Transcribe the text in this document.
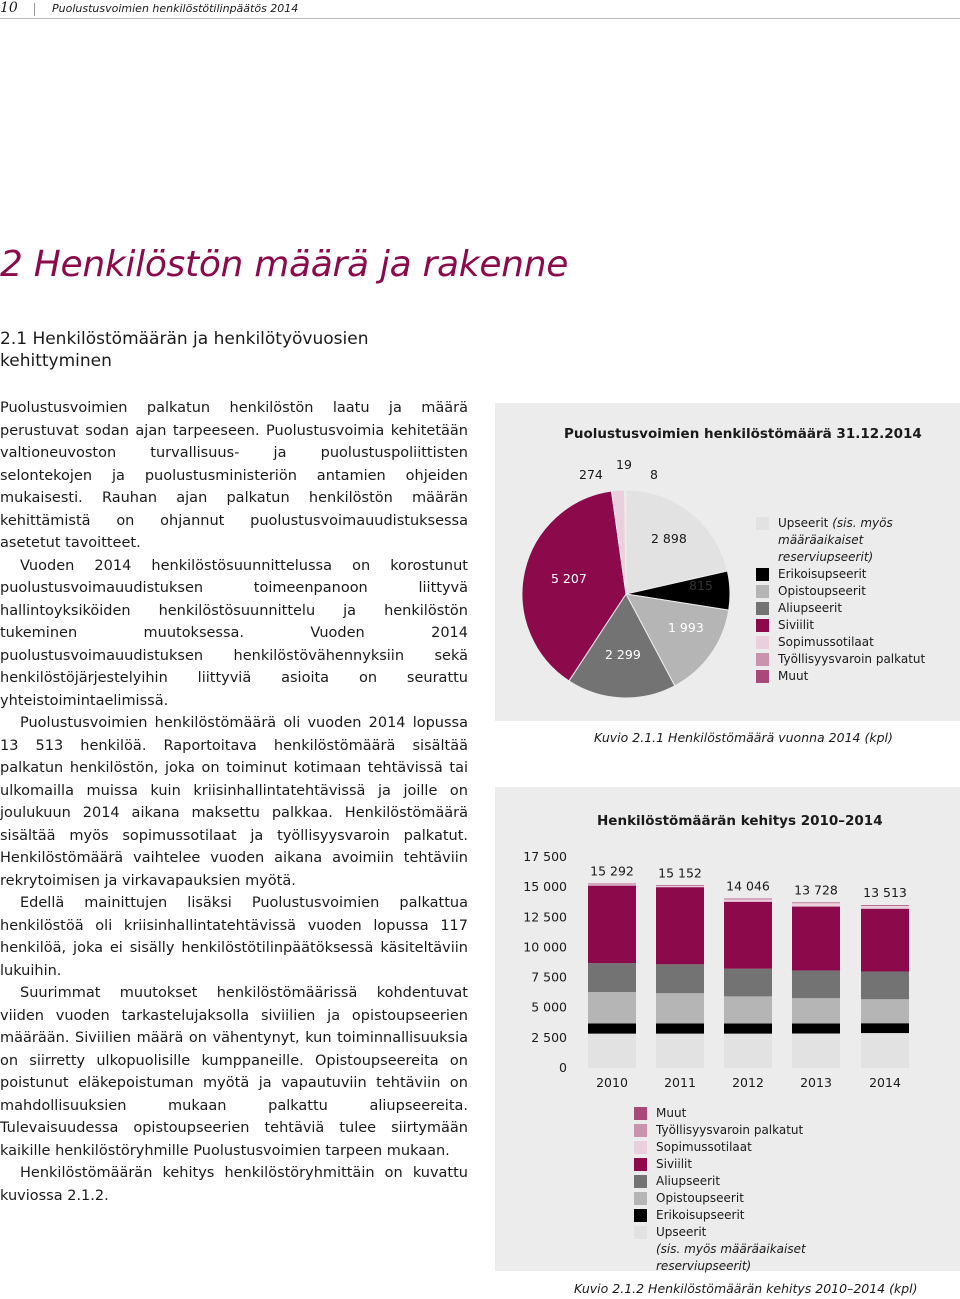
10	Puolustusvoimien henkilöstötilinpäätös 2014
2 Henkilöstön määrä ja rakenne
2.1 Henkilöstömäärän ja henkilötyövuosien kehittyminen

Puolustusvoimien palkatun henkilöstön laatu ja määrä perustuvat sodan ajan tarpeeseen. Puolustusvoimia kehitetään valtioneuvoston turvallisuus- ja puolustuspoliittisten selontekojen ja puolustusministeriön antamien ohjeiden mukaisesti. Rauhan ajan palkatun henkilöstön määrän kehittämistä on ohjannut puolustusvoimauudistuksessa asetetut tavoitteet.

Vuoden 2014 henkilöstösuunnittelussa on korostunut puolustusvoimauudistuksen toimeenpanoon liittyvä hallintoyksiköiden henkilöstösuunnittelu ja henkilöstön tukeminen muutoksessa. Vuoden 2014 puolustusvoimauudistuksen henkilöstövähennyksiin sekä henkilöstöjärjestelyihin liittyviä asioita on seurattu yhteistoimintaelimissä.

Puolustusvoimien henkilöstömäärä oli vuoden 2014 lopussa 13 513 henkilöä. Raportoitava henkilöstömäärä sisältää palkatun henkilöstön, joka on toiminut kotimaan tehtävissä tai ulkomailla muissa kuin kriisinhallintatehtävissä ja joille on joulukuun 2014 aikana maksettu palkkaa. Henkilöstömäärä sisältää myös sopimussotilaat ja työllisyysvaroin palkatut. Henkilöstömäärä vaihtelee vuoden aikana avoimiin tehtäviin rekrytoimisen ja virkavapauksien myötä.

Edellä mainittujen lisäksi Puolustusvoimien palkattua henkilöstöä oli kriisinhallintatehtävissä vuoden lopussa 117 henkilöä, joka ei sisälly henkilöstötilinpäätöksessä käsiteltäviin lukuihin.

Suurimmat muutokset henkilöstömäärissä kohdentuvat viiden vuoden tarkastelujaksolla siviilien ja opistoupseerien määrään. Siviilien määrä on vähentynyt, kun toiminnallisuuksia on siirretty ulkopuolisille kumppaneille. Opistoupseereita on poistunut eläkepoistuman myötä ja vapautuviin tehtäviin on mahdollisuuksien mukaan palkattu aliupseereita. Tulevaisuudessa opistoupseerien tehtäviä tulee siirtymään kaikille henkilöstöryhmille Puolustusvoimien tarpeen mukaan.

Henkilöstömäärän kehitys henkilöstöryhmittäin on kuvattu kuviossa 2.1.2.

Puolustusvoimien henkilöstömäärä 31.12.2014
274
19
8
2 898
815
1 993
2 299
5 207
Upseerit (sis. myös määräaikaiset reserviupseerit)
Erikoisupseerit
Opistoupseerit
Aliupseerit
Siviilit
Sopimussotilaat
Työllisyysvaroin palkatut
Muut
Kuvio 2.1.1 Henkilöstömäärä vuonna 2014 (kpl)
Henkilöstömäärän kehitys 2010–2014
0
2 500
5 000
7 500
10 000
12 500
15 000
17 500
15 292
2010
15 152
2011
14 046
2012
13 728
2013
13 513
2014
Muut
Työllisyysvaroin palkatut
Sopimussotilaat
Siviilit
Aliupseerit
Opistoupseerit
Erikoisupseerit
Upseerit
(sis. myös määräaikaiset reserviupseerit)
Kuvio 2.1.2 Henkilöstömäärän kehitys 2010–2014 (kpl)
